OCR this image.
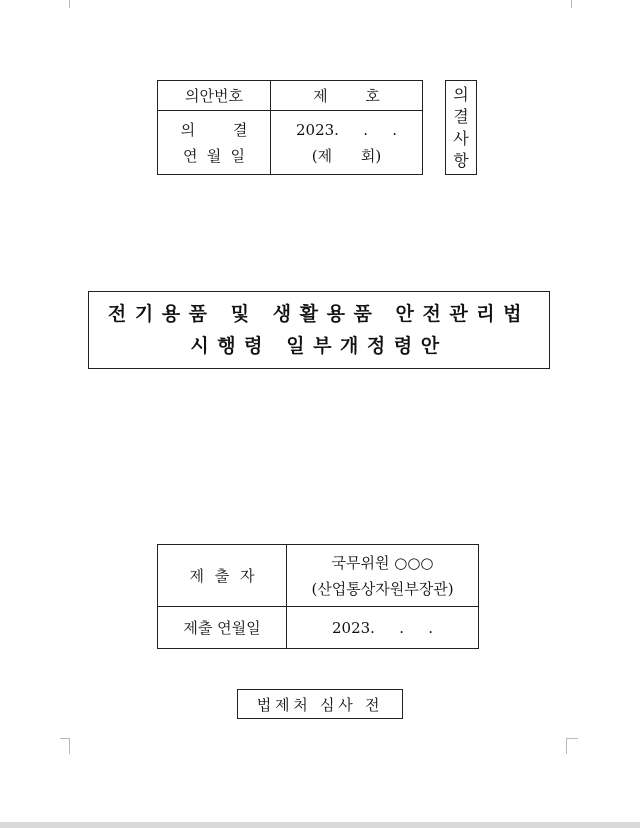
의안번호	제 호

의 결
연 월 일	2023. . .
(제 회)
의결사항
전기용품 및 생활용품 안전관리법
시행령 일부개정령안
제 출 자	국무위원 ○○○
(산업통상자원부장관)

제출 연월일	2023. . .
법제처 심사 전
